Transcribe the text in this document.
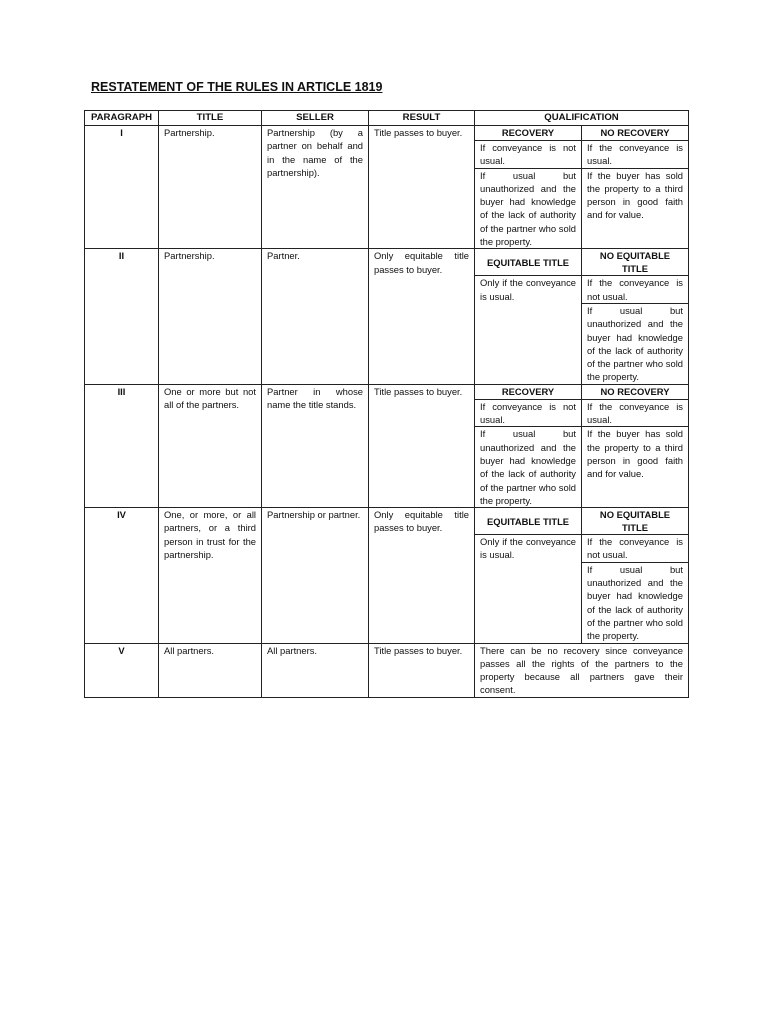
RESTATEMENT OF THE RULES IN ARTICLE 1819
PARAGRAPH	TITLE	SELLER	RESULT	QUALIFICATION	
I	Partnership.	Partnership (by a partner on behalf and in the name of the partnership).	Title passes to buyer.	RECOVERY	NO RECOVERY
				If conveyance is not usual.	If the conveyance is usual.
				If usual but unauthorized and the buyer had knowledge of the lack of authority of the partner who sold the property.	If the buyer has sold the property to a third person in good faith and for value.
II	Partnership.	Partner.	Only equitable title passes to buyer.	EQUITABLE TITLE	NO EQUITABLE TITLE
				Only if the conveyance is usual.	If the conveyance is not usual.
					If usual but unauthorized and the buyer had knowledge of the lack of authority of the partner who sold the property.
III	One or more but not all of the partners.	Partner in whose name the title stands.	Title passes to buyer.	RECOVERY	NO RECOVERY
				If conveyance is not usual.	If the conveyance is usual.
				If usual but unauthorized and the buyer had knowledge of the lack of authority of the partner who sold the property.	If the buyer has sold the property to a third person in good faith and for value.
IV	One, or more, or all partners, or a third person in trust for the partnership.	Partnership or partner.	Only equitable title passes to buyer.	EQUITABLE TITLE	NO EQUITABLE TITLE
				Only if the conveyance is usual.	If the conveyance is not usual.
					If usual but unauthorized and the buyer had knowledge of the lack of authority of the partner who sold the property.
V	All partners.	All partners.	Title passes to buyer.	There can be no recovery since conveyance passes all the rights of the partners to the property because all partners gave their consent.	
